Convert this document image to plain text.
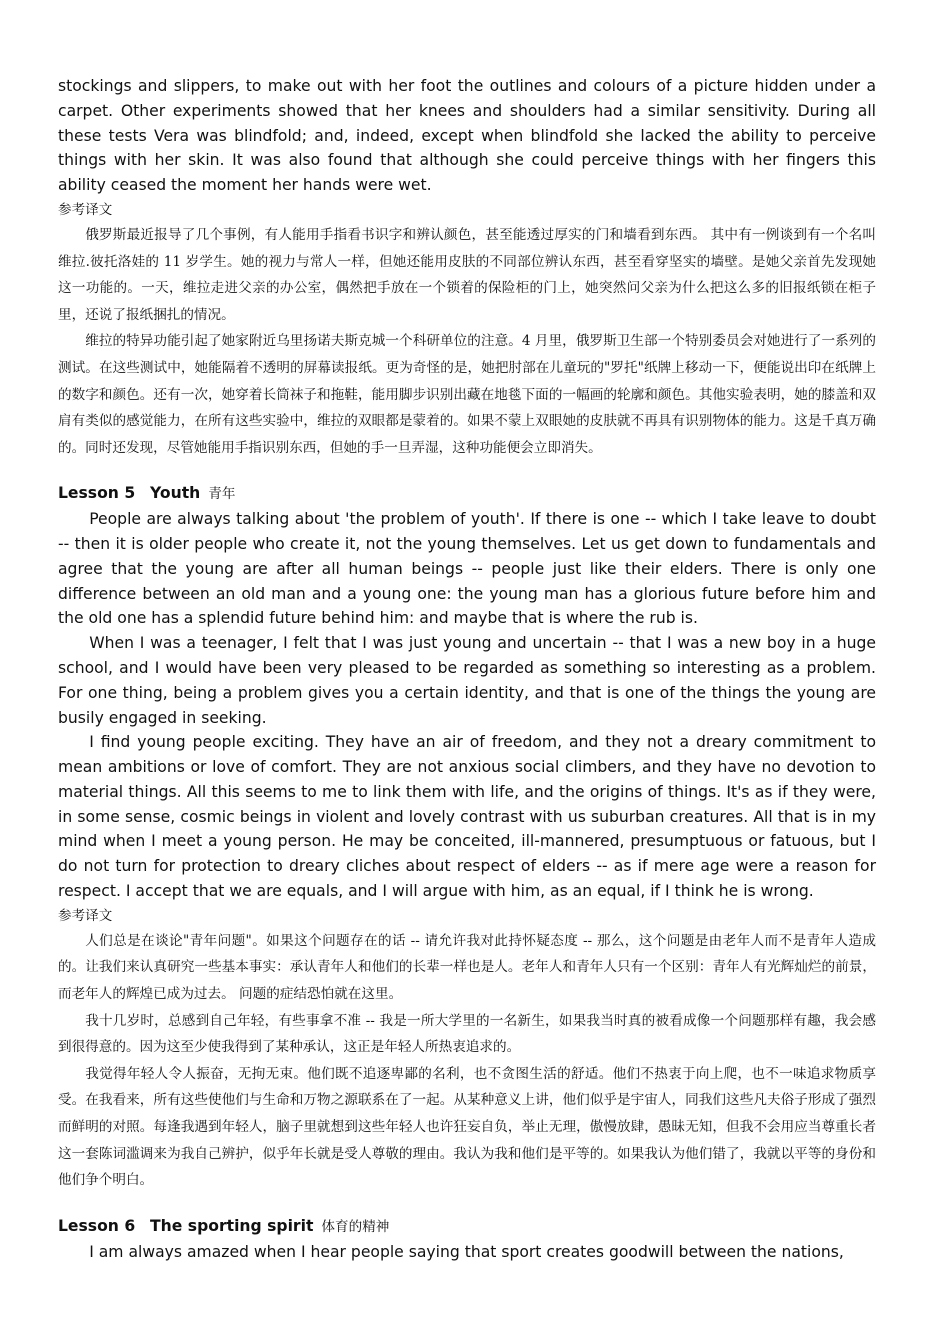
stockings and slippers, to make out with her foot the outlines and colours of a picture hidden under a carpet. Other experiments showed that her knees and shoulders had a similar sensitivity. During all these tests Vera was blindfold; and, indeed, except when blindfold she lacked the ability to perceive things with her skin. It was also found that although she could perceive things with her fingers this ability ceased the moment her hands were wet.

参考译文

俄罗斯最近报导了几个事例，有人能用手指看书识字和辨认颜色，甚至能透过厚实的门和墙看到东西。 其中有一例谈到有一个名叫维拉.彼托洛娃的 11 岁学生。她的视力与常人一样，但她还能用皮肤的不同部位辨认东西，甚至看穿坚实的墙壁。是她父亲首先发现她这一功能的。一天，维拉走进父亲的办公室，偶然把手放在一个锁着的保险柜的门上，她突然问父亲为什么把这么多的旧报纸锁在柜子里，还说了报纸捆扎的情况。

维拉的特异功能引起了她家附近乌里扬诺夫斯克城一个科研单位的注意。4 月里，俄罗斯卫生部一个特别委员会对她进行了一系列的测试。在这些测试中，她能隔着不透明的屏幕读报纸。更为奇怪的是，她把肘部在儿童玩的"罗托"纸牌上移动一下，便能说出印在纸牌上的数字和颜色。还有一次，她穿着长筒袜子和拖鞋，能用脚步识别出藏在地毯下面的一幅画的轮廓和颜色。其他实验表明，她的膝盖和双肩有类似的感觉能力，在所有这些实验中，维拉的双眼都是蒙着的。如果不蒙上双眼她的皮肤就不再具有识别物体的能力。这是千真万确的。同时还发现，尽管她能用手指识别东西，但她的手一旦弄湿，这种功能便会立即消失。

Lesson 5 Youth 青年

People are always talking about 'the problem of youth'. If there is one -- which I take leave to doubt -- then it is older people who create it, not the young themselves. Let us get down to fundamentals and agree that the young are after all human beings -- people just like their elders. There is only one difference between an old man and a young one: the young man has a glorious future before him and the old one has a splendid future behind him: and maybe that is where the rub is.

When I was a teenager, I felt that I was just young and uncertain -- that I was a new boy in a huge school, and I would have been very pleased to be regarded as something so interesting as a problem. For one thing, being a problem gives you a certain identity, and that is one of the things the young are busily engaged in seeking.

I find young people exciting. They have an air of freedom, and they not a dreary commitment to mean ambitions or love of comfort. They are not anxious social climbers, and they have no devotion to material things. All this seems to me to link them with life, and the origins of things. It's as if they were, in some sense, cosmic beings in violent and lovely contrast with us suburban creatures. All that is in my mind when I meet a young person. He may be conceited, ill-mannered, presumptuous or fatuous, but I do not turn for protection to dreary cliches about respect of elders -- as if mere age were a reason for respect. I accept that we are equals, and I will argue with him, as an equal, if I think he is wrong.

参考译文

人们总是在谈论"青年问题"。如果这个问题存在的话 -- 请允许我对此持怀疑态度 -- 那么，这个问题是由老年人而不是青年人造成的。让我们来认真研究一些基本事实：承认青年人和他们的长辈一样也是人。老年人和青年人只有一个区别：青年人有光辉灿烂的前景，而老年人的辉煌已成为过去。 问题的症结恐怕就在这里。

我十几岁时，总感到自己年轻，有些事拿不准 -- 我是一所大学里的一名新生，如果我当时真的被看成像一个问题那样有趣，我会感到很得意的。因为这至少使我得到了某种承认，这正是年轻人所热衷追求的。

我觉得年轻人令人振奋，无拘无束。他们既不追逐卑鄙的名利，也不贪图生活的舒适。他们不热衷于向上爬，也不一味追求物质享受。在我看来，所有这些使他们与生命和万物之源联系在了一起。从某种意义上讲，他们似乎是宇宙人，同我们这些凡夫俗子形成了强烈而鲜明的对照。每逢我遇到年轻人，脑子里就想到这些年轻人也许狂妄自负，举止无理，傲慢放肆，愚昧无知，但我不会用应当尊重长者这一套陈词滥调来为我自己辨护，似乎年长就是受人尊敬的理由。我认为我和他们是平等的。如果我认为他们错了，我就以平等的身份和他们争个明白。

Lesson 6 The sporting spirit 体育的精神

I am always amazed when I hear people saying that sport creates goodwill between the nations,
